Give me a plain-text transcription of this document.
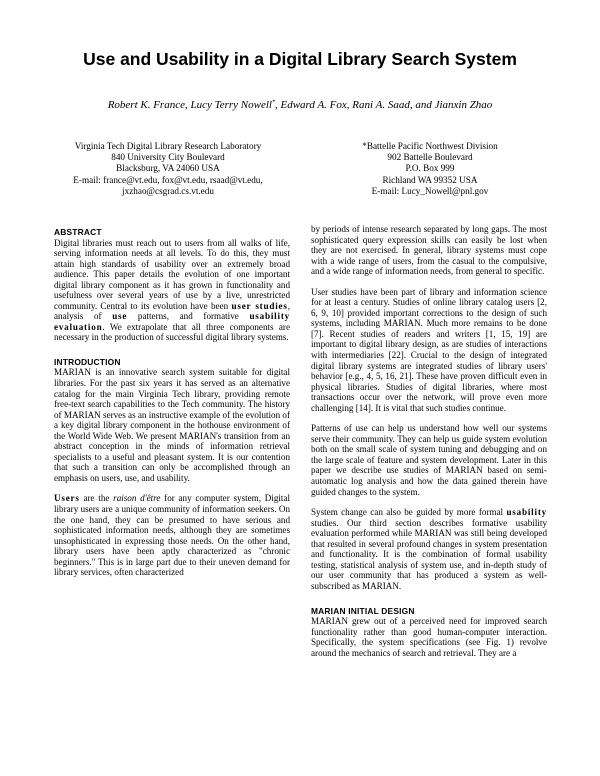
Use and Usability in a Digital Library Search System
Robert K. France, Lucy Terry Nowell*, Edward A. Fox, Rani A. Saad, and Jianxin Zhao
Virginia Tech Digital Library Research Laboratory
840 University City Boulevard
Blacksburg, VA 24060 USA
E-mail: france@vt.edu, fox@vt.edu, rsaad@vt.edu,
jxzhao@csgrad.cs.vt.edu
*Battelle Pacific Northwest Division
902 Battelle Boulevard
P.O. Box 999
Richland WA 99352 USA
E-mail: Lucy_Nowell@pnl.gov
ABSTRACT

Digital libraries must reach out to users from all walks of life, serving information needs at all levels. To do this, they must attain high standards of usability over an extremely broad audience. This paper details the evolution of one important digital library component as it has grown in functionality and usefulness over several years of use by a live, unrestricted community. Central to its evolution have been user studies, analysis of use patterns, and formative usability evaluation. We extrapolate that all three components are necessary in the production of successful digital library systems.

INTRODUCTION

MARIAN is an innovative search system suitable for digital libraries. For the past six years it has served as an alternative catalog for the main Virginia Tech library, providing remote free-text search capabilities to the Tech community. The history of MARIAN serves as an instructive example of the evolution of a key digital library component in the hothouse environment of the World Wide Web. We present MARIAN's transition from an abstract conception in the minds of information retrieval specialists to a useful and pleasant system. It is our contention that such a transition can only be accomplished through an emphasis on users, use, and usability.

Users are the raison d'être for any computer system, Digital library users are a unique community of information seekers. On the one hand, they can be presumed to have serious and sophisticated information needs, although they are sometimes unsophisticated in expressing those needs. On the other hand, library users have been aptly characterized as "chronic beginners." This is in large part due to their uneven demand for library services, often characterized

by periods of intense research separated by long gaps. The most sophisticated query expression skills can easily be lost when they are not exercised. In general, library systems must cope with a wide range of users, from the casual to the compulsive, and a wide range of information needs, from general to specific.

User studies have been part of library and information science for at least a century. Studies of online library catalog users [2, 6, 9, 10] provided important corrections to the design of such systems, including MARIAN. Much more remains to be done [7]. Recent studies of readers and writers [1, 15, 19] are important to digital library design, as are studies of interactions with intermediaries [22]. Crucial to the design of integrated digital library systems are integrated studies of library users' behavior [e.g., 4, 5, 16, 21]. These have proven difficult even in physical libraries. Studies of digital libraries, where most transactions occur over the network, will prove even more challenging [14]. It is vital that such studies continue.

Patterns of use can help us understand how well our systems serve their community. They can help us guide system evolution both on the small scale of system tuning and debugging and on the large scale of feature and system development. Later in this paper we describe use studies of MARIAN based on semi-automatic log analysis and how the data gained therein have guided changes to the system.

System change can also be guided by more formal usability studies. Our third section describes formative usability evaluation performed while MARIAN was still being developed that resulted in several profound changes in system presentation and functionality. It is the combination of formal usability testing, statistical analysis of system use, and in-depth study of our user community that has produced a system as well-subscribed as MARIAN.

MARIAN INITIAL DESIGN

MARIAN grew out of a perceived need for improved search functionality rather than good human-computer interaction. Specifically, the system specifications (see Fig. 1) revolve around the mechanics of search and retrieval. They are a
